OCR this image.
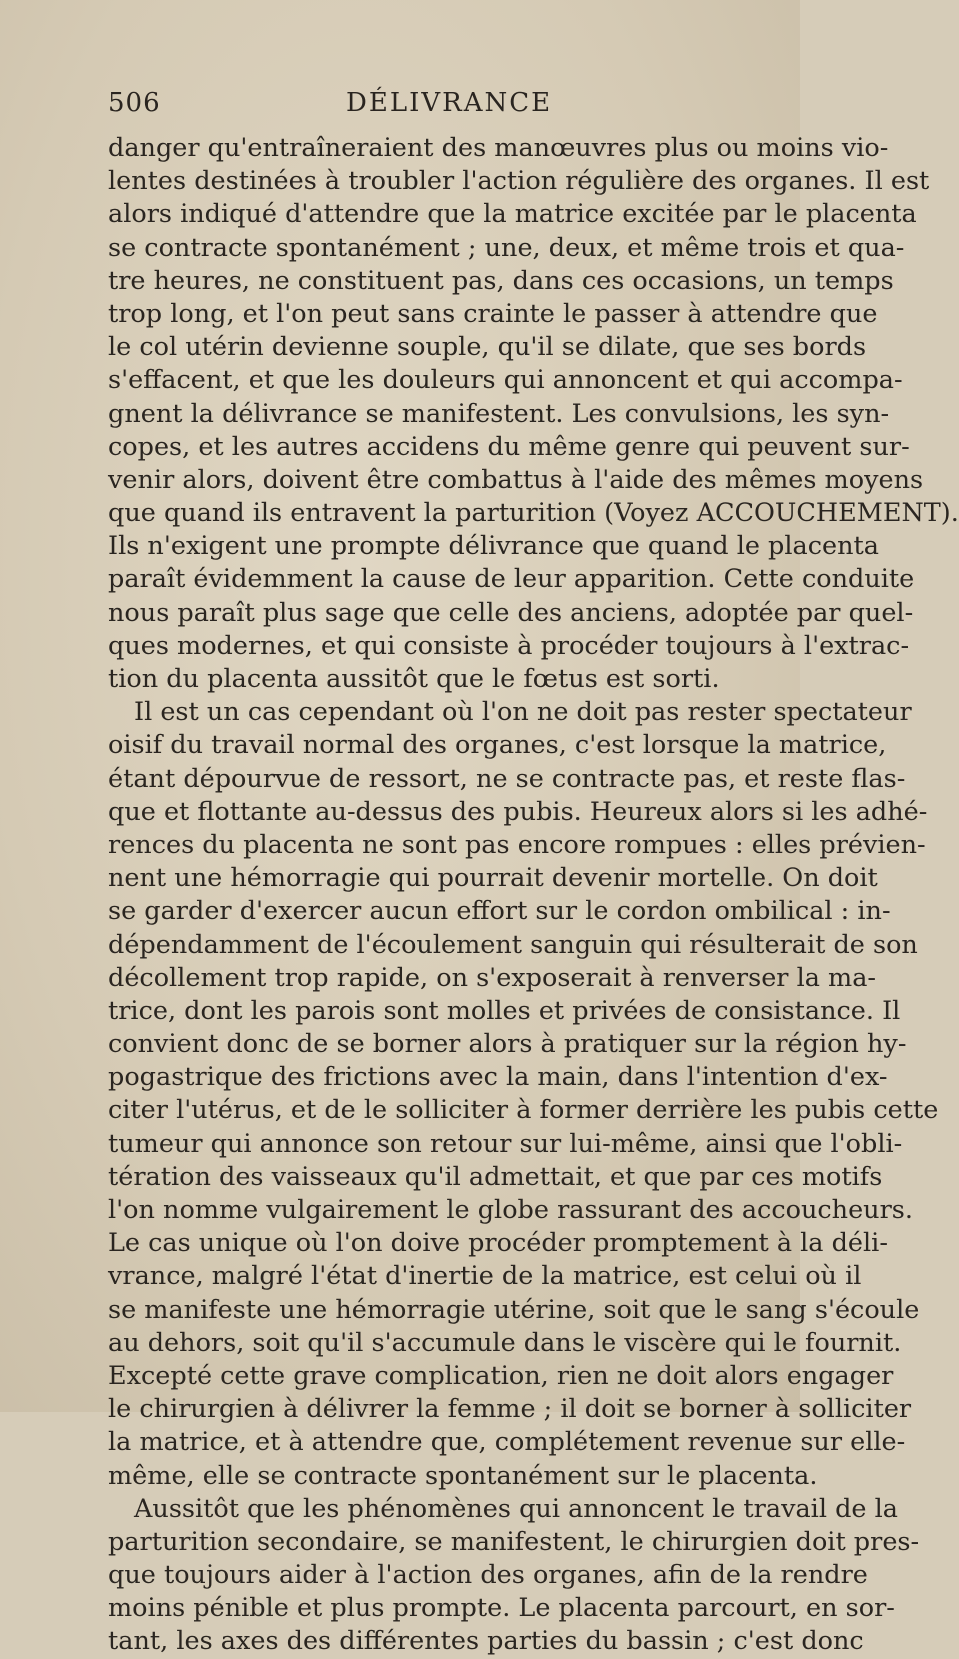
506	DÉLIVRANCE
danger qu'entraîneraient des manœuvres plus ou moins vio-
lentes destinées à troubler l'action régulière des organes. Il est
alors indiqué d'attendre que la matrice excitée par le placenta
se contracte spontanément ; une, deux, et même trois et qua-
tre heures, ne constituent pas, dans ces occasions, un temps
trop long, et l'on peut sans crainte le passer à attendre que
le col utérin devienne souple, qu'il se dilate, que ses bords
s'effacent, et que les douleurs qui annoncent et qui accompa-
gnent la délivrance se manifestent. Les convulsions, les syn-
copes, et les autres accidens du même genre qui peuvent sur-
venir alors, doivent être combattus à l'aide des mêmes moyens
que quand ils entravent la parturition (Voyez ACCOUCHEMENT).
Ils n'exigent une prompte délivrance que quand le placenta
paraît évidemment la cause de leur apparition. Cette conduite
nous paraît plus sage que celle des anciens, adoptée par quel-
ques modernes, et qui consiste à procéder toujours à l'extrac-
tion du placenta aussitôt que le fœtus est sorti.
Il est un cas cependant où l'on ne doit pas rester spectateur
oisif du travail normal des organes, c'est lorsque la matrice,
étant dépourvue de ressort, ne se contracte pas, et reste flas-
que et flottante au-dessus des pubis. Heureux alors si les adhé-
rences du placenta ne sont pas encore rompues : elles prévien-
nent une hémorragie qui pourrait devenir mortelle. On doit
se garder d'exercer aucun effort sur le cordon ombilical : in-
dépendamment de l'écoulement sanguin qui résulterait de son
décollement trop rapide, on s'exposerait à renverser la ma-
trice, dont les parois sont molles et privées de consistance. Il
convient donc de se borner alors à pratiquer sur la région hy-
pogastrique des frictions avec la main, dans l'intention d'ex-
citer l'utérus, et de le solliciter à former derrière les pubis cette
tumeur qui annonce son retour sur lui-même, ainsi que l'obli-
tération des vaisseaux qu'il admettait, et que par ces motifs
l'on nomme vulgairement le globe rassurant des accoucheurs.
Le cas unique où l'on doive procéder promptement à la déli-
vrance, malgré l'état d'inertie de la matrice, est celui où il
se manifeste une hémorragie utérine, soit que le sang s'écoule
au dehors, soit qu'il s'accumule dans le viscère qui le fournit.
Excepté cette grave complication, rien ne doit alors engager
le chirurgien à délivrer la femme ; il doit se borner à solliciter
la matrice, et à attendre que, complétement revenue sur elle-
même, elle se contracte spontanément sur le placenta.
Aussitôt que les phénomènes qui annoncent le travail de la
parturition secondaire, se manifestent, le chirurgien doit pres-
que toujours aider à l'action des organes, afin de la rendre
moins pénible et plus prompte. Le placenta parcourt, en sor-
tant, les axes des différentes parties du bassin ; c'est donc
